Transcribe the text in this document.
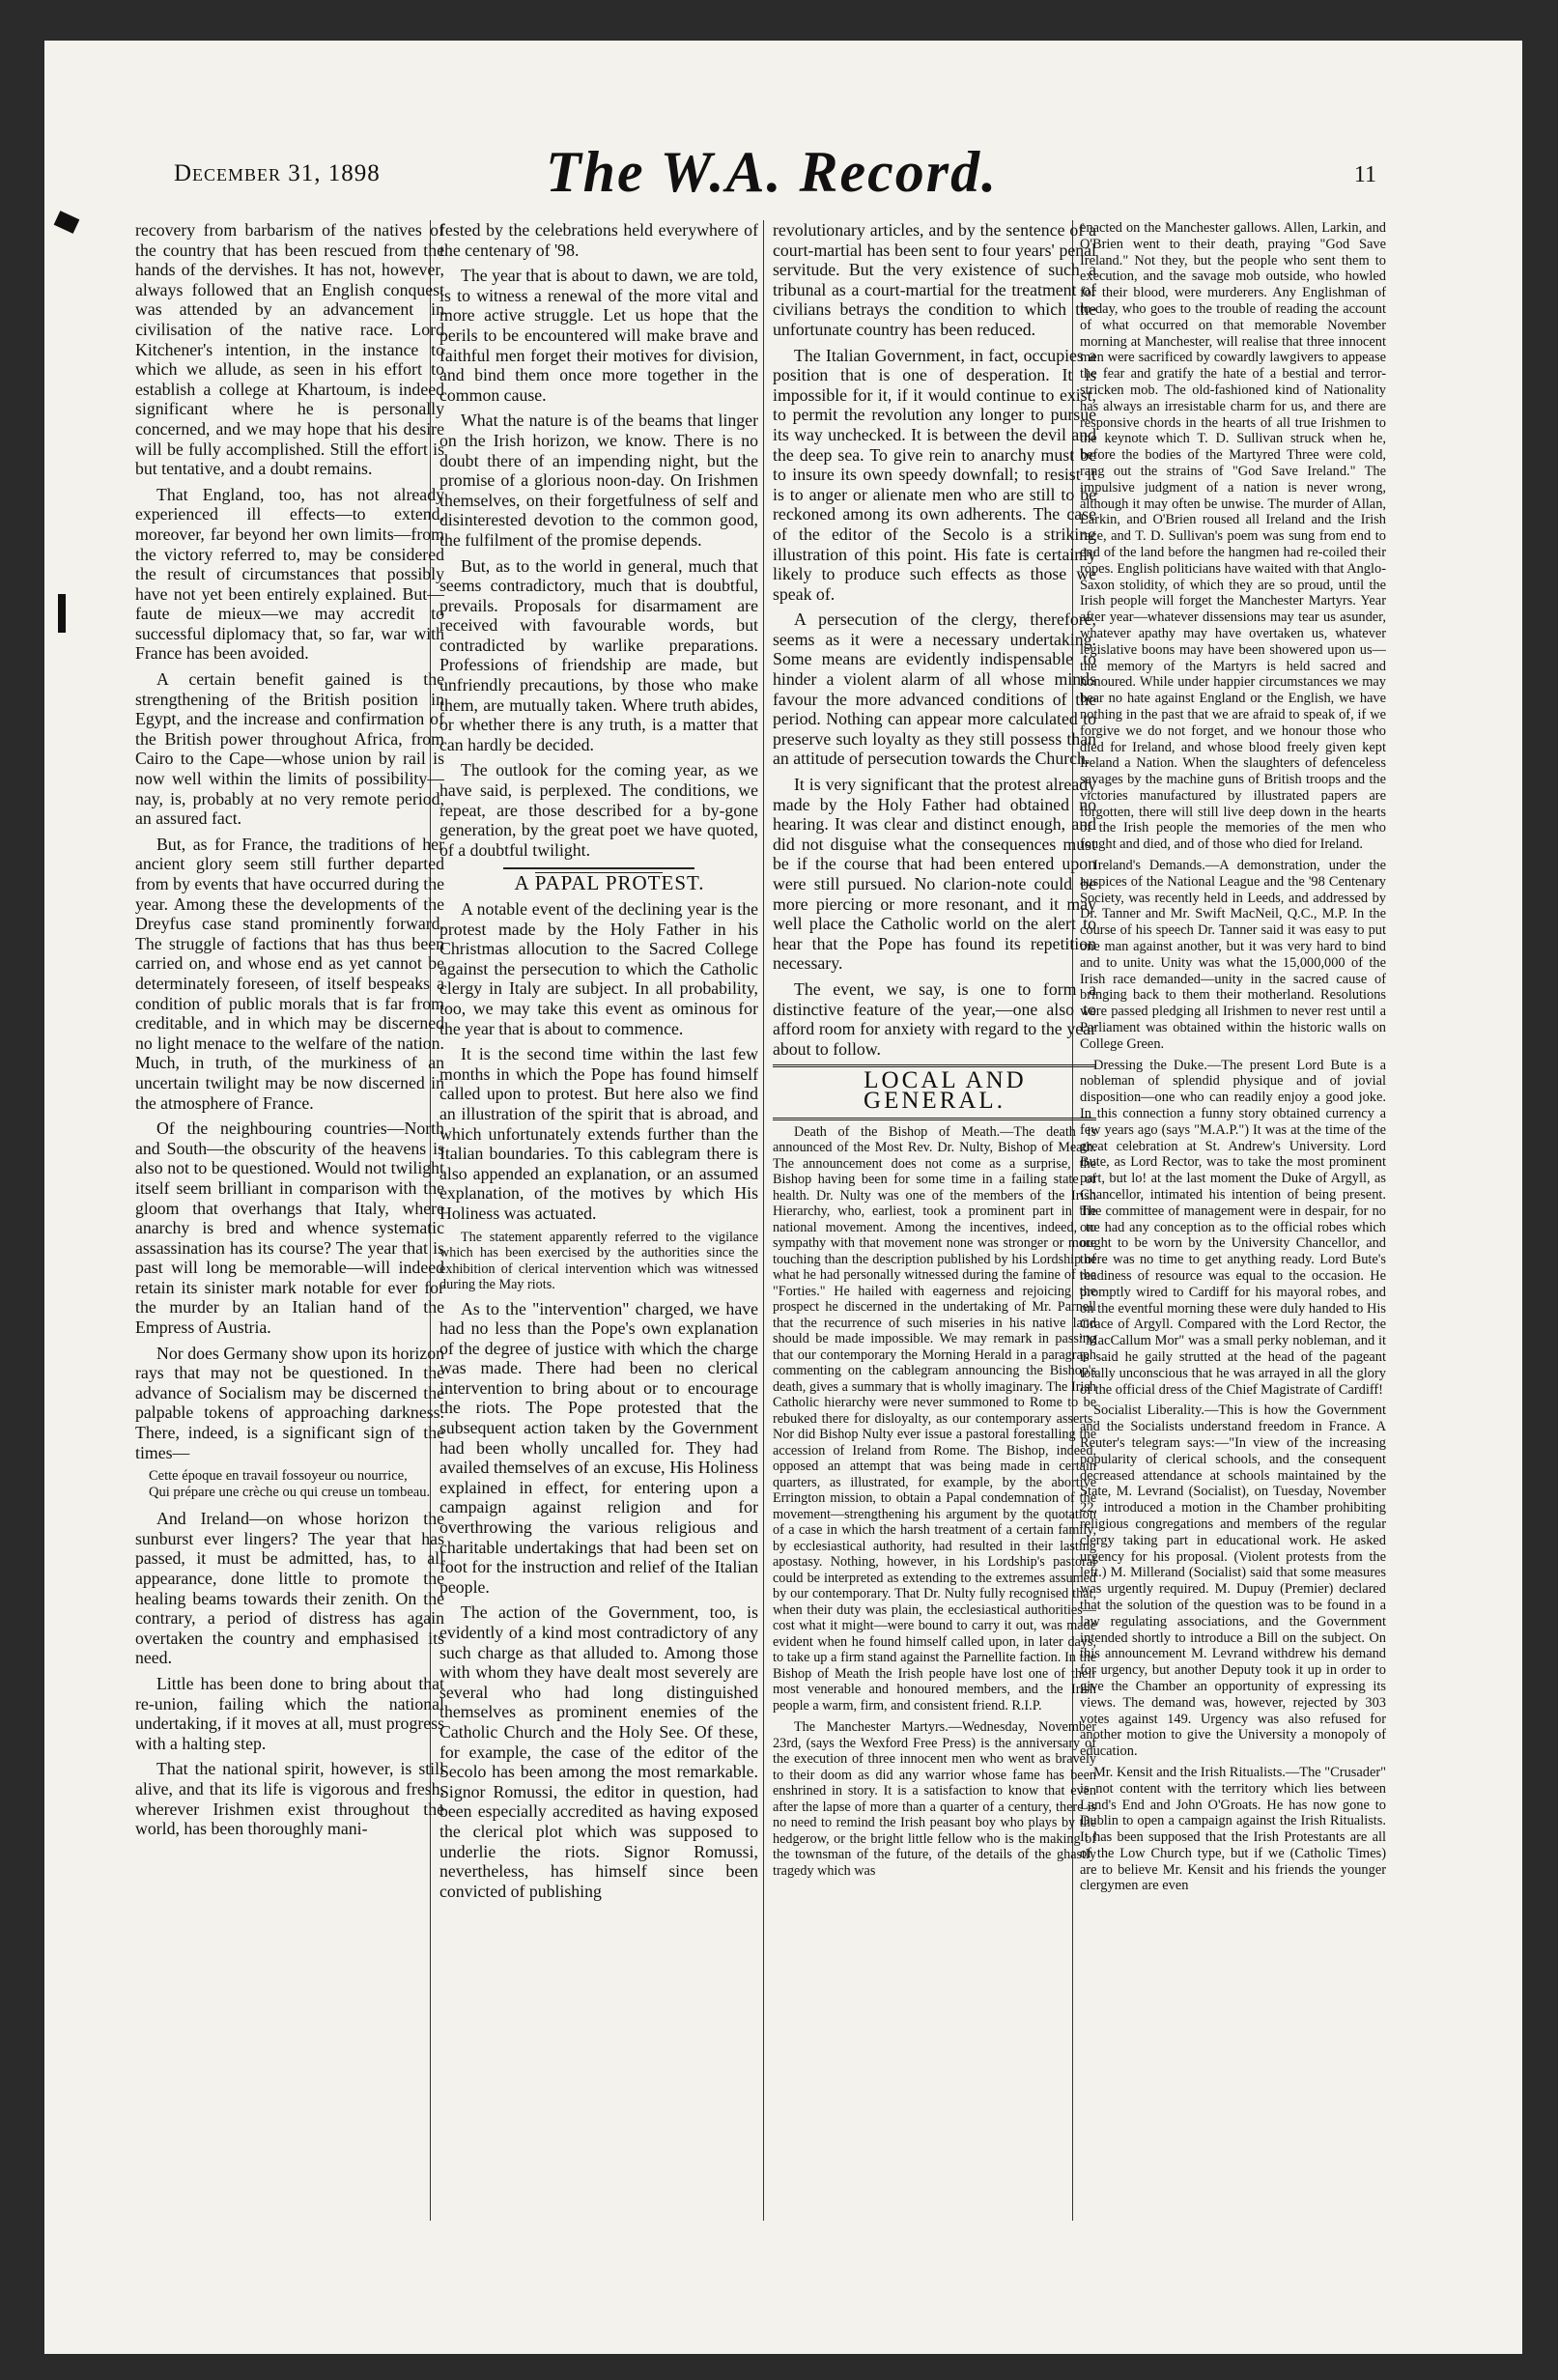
December 31, 1898	The W.A. Record.	11

recovery from barbarism of the natives of the country that has been rescued from the hands of the dervishes. It has not, however, always followed that an English conquest was attended by an advancement in civilisation of the native race. Lord Kitchener's intention, in the instance to which we allude, as seen in his effort to establish a college at Khartoum, is indeed significant where he is personally concerned, and we may hope that his desire will be fully accomplished. Still the effort is but tentative, and a doubt remains.

That England, too, has not already experienced ill effects—to extend, moreover, far beyond her own limits—from the victory referred to, may be considered the result of circumstances that possibly have not yet been entirely explained. But—faute de mieux—we may accredit to successful diplomacy that, so far, war with France has been avoided.

A certain benefit gained is the strengthening of the British position in Egypt, and the increase and confirmation of the British power throughout Africa, from Cairo to the Cape—whose union by rail is now well within the limits of possibility—nay, is, probably at no very remote period, an assured fact.

But, as for France, the traditions of her ancient glory seem still further departed from by events that have occurred during the year. Among these the developments of the Dreyfus case stand prominently forward. The struggle of factions that has thus been carried on, and whose end as yet cannot be determinately foreseen, of itself bespeaks a condition of public morals that is far from creditable, and in which may be discerned no light menace to the welfare of the nation. Much, in truth, of the murkiness of an uncertain twilight may be now discerned in the atmosphere of France.

Of the neighbouring countries—North and South—the obscurity of the heavens is also not to be questioned. Would not twilight itself seem brilliant in comparison with the gloom that overhangs that Italy, where anarchy is bred and whence systematic assassination has its course? The year that is past will long be memorable—will indeed retain its sinister mark notable for ever for the murder by an Italian hand of the Empress of Austria.

Nor does Germany show upon its horizon rays that may not be questioned. In the advance of Socialism may be discerned the palpable tokens of approaching darkness. There, indeed, is a significant sign of the times—

Cette époque en travail fossoyeur ou nourrice,

Qui prépare une crèche ou qui creuse un tombeau.

And Ireland—on whose horizon the sunburst ever lingers? The year that has passed, it must be admitted, has, to all appearance, done little to promote the healing beams towards their zenith. On the contrary, a period of distress has again overtaken the country and emphasised its need.

Little has been done to bring about that re-union, failing which the national undertaking, if it moves at all, must progress with a halting step.

That the national spirit, however, is still alive, and that its life is vigorous and fresh, wherever Irishmen exist throughout the world, has been thoroughly mani-

fested by the celebrations held everywhere of the centenary of '98.

The year that is about to dawn, we are told, is to witness a renewal of the more vital and more active struggle. Let us hope that the perils to be encountered will make brave and faithful men forget their motives for division, and bind them once more together in the common cause.

What the nature is of the beams that linger on the Irish horizon, we know. There is no doubt there of an impending night, but the promise of a glorious noon-day. On Irishmen themselves, on their forgetfulness of self and disinterested devotion to the common good, the fulfilment of the promise depends.

But, as to the world in general, much that seems contradictory, much that is doubtful, prevails. Proposals for disarmament are received with favourable words, but contradicted by warlike preparations. Professions of friendship are made, but unfriendly precautions, by those who make them, are mutually taken. Where truth abides, or whether there is any truth, is a matter that can hardly be decided.

The outlook for the coming year, as we have said, is perplexed. The conditions, we repeat, are those described for a by-gone generation, by the great poet we have quoted, of a doubtful twilight.

A PAPAL PROTEST.

A notable event of the declining year is the protest made by the Holy Father in his Christmas allocution to the Sacred College against the persecution to which the Catholic clergy in Italy are subject. In all probability, too, we may take this event as ominous for the year that is about to commence.

It is the second time within the last few months in which the Pope has found himself called upon to protest. But here also we find an illustration of the spirit that is abroad, and which unfortunately extends further than the Italian boundaries. To this cablegram there is also appended an explanation, or an assumed explanation, of the motives by which His Holiness was actuated.

The statement apparently referred to the vigilance which has been exercised by the authorities since the exhibition of clerical intervention which was witnessed during the May riots.

As to the "intervention" charged, we have had no less than the Pope's own explanation of the degree of justice with which the charge was made. There had been no clerical intervention to bring about or to encourage the riots. The Pope protested that the subsequent action taken by the Government had been wholly uncalled for. They had availed themselves of an excuse, His Holiness explained in effect, for entering upon a campaign against religion and for overthrowing the various religious and charitable undertakings that had been set on foot for the instruction and relief of the Italian people.

The action of the Government, too, is evidently of a kind most contradictory of any such charge as that alluded to. Among those with whom they have dealt most severely are several who had long distinguished themselves as prominent enemies of the Catholic Church and the Holy See. Of these, for example, the case of the editor of the Secolo has been among the most remarkable. Signor Romussi, the editor in question, had been especially accredited as having exposed the clerical plot which was supposed to underlie the riots. Signor Romussi, nevertheless, has himself since been convicted of publishing

revolutionary articles, and by the sentence of a court-martial has been sent to four years' penal servitude. But the very existence of such a tribunal as a court-martial for the treatment of civilians betrays the condition to which the unfortunate country has been reduced.

The Italian Government, in fact, occupies a position that is one of desperation. It is impossible for it, if it would continue to exist, to permit the revolution any longer to pursue its way unchecked. It is between the devil and the deep sea. To give rein to anarchy must be to insure its own speedy downfall; to resist it is to anger or alienate men who are still to be reckoned among its own adherents. The case of the editor of the Secolo is a striking illustration of this point. His fate is certainly likely to produce such effects as those we speak of.

A persecution of the clergy, therefore, seems as it were a necessary undertaking. Some means are evidently indispensable to hinder a violent alarm of all whose minds favour the more advanced conditions of the period. Nothing can appear more calculated to preserve such loyalty as they still possess than an attitude of persecution towards the Church.

It is very significant that the protest already made by the Holy Father had obtained no hearing. It was clear and distinct enough, and did not disguise what the consequences must be if the course that had been entered upon were still pursued. No clarion-note could be more piercing or more resonant, and it may well place the Catholic world on the alert to hear that the Pope has found its repetition necessary.

The event, we say, is one to form a distinctive feature of the year,—one also to afford room for anxiety with regard to the year about to follow.

LOCAL AND GENERAL.

Death of the Bishop of Meath.—The death is announced of the Most Rev. Dr. Nulty, Bishop of Meath. The announcement does not come as a surprise, the Bishop having been for some time in a failing state of health. Dr. Nulty was one of the members of the Irish Hierarchy, who, earliest, took a prominent part in the national movement. Among the incentives, indeed, to sympathy with that movement none was stronger or more touching than the description published by his Lordship of what he had personally witnessed during the famine of the "Forties." He hailed with eagerness and rejoicing the prospect he discerned in the undertaking of Mr. Parnell that the recurrence of such miseries in his native land should be made impossible. We may remark in passing that our contemporary the Morning Herald in a paragraph commenting on the cablegram announcing the Bishop's death, gives a summary that is wholly imaginary. The Irish Catholic hierarchy were never summoned to Rome to be rebuked there for disloyalty, as our contemporary asserts. Nor did Bishop Nulty ever issue a pastoral forestalling the accession of Ireland from Rome. The Bishop, indeed, opposed an attempt that was being made in certain quarters, as illustrated, for example, by the abortive Errington mission, to obtain a Papal condemnation of the movement—strengthening his argument by the quotation of a case in which the harsh treatment of a certain family, by ecclesiastical authority, had resulted in their lasting apostasy. Nothing, however, in his Lordship's pastoral could be interpreted as extending to the extremes assumed by our contemporary. That Dr. Nulty fully recognised that, when their duty was plain, the ecclesiastical authorities—cost what it might—were bound to carry it out, was made evident when he found himself called upon, in later days, to take up a firm stand against the Parnellite faction. In the Bishop of Meath the Irish people have lost one of their most venerable and honoured members, and the Irish people a warm, firm, and consistent friend. R.I.P.

The Manchester Martyrs.—Wednesday, November 23rd, (says the Wexford Free Press) is the anniversary of the execution of three innocent men who went as bravely to their doom as did any warrior whose fame has been enshrined in story. It is a satisfaction to know that even after the lapse of more than a quarter of a century, there is no need to remind the Irish peasant boy who plays by the hedgerow, or the bright little fellow who is the making of the townsman of the future, of the details of the ghastly tragedy which was

enacted on the Manchester gallows. Allen, Larkin, and O'Brien went to their death, praying "God Save Ireland." Not they, but the people who sent them to execution, and the savage mob outside, who howled for their blood, were murderers. Any Englishman of to-day, who goes to the trouble of reading the account of what occurred on that memorable November morning at Manchester, will realise that three innocent men were sacrificed by cowardly lawgivers to appease the fear and gratify the hate of a bestial and terror-stricken mob. The old-fashioned kind of Nationality has always an irresistable charm for us, and there are responsive chords in the hearts of all true Irishmen to the keynote which T. D. Sullivan struck when he, before the bodies of the Martyred Three were cold, rang out the strains of "God Save Ireland." The impulsive judgment of a nation is never wrong, although it may often be unwise. The murder of Allan, Larkin, and O'Brien roused all Ireland and the Irish race, and T. D. Sullivan's poem was sung from end to end of the land before the hangmen had re-coiled their ropes. English politicians have waited with that Anglo-Saxon stolidity, of which they are so proud, until the Irish people will forget the Manchester Martyrs. Year after year—whatever dissensions may tear us asunder, whatever apathy may have overtaken us, whatever legislative boons may have been showered upon us—the memory of the Martyrs is held sacred and honoured. While under happier circumstances we may bear no hate against England or the English, we have nothing in the past that we are afraid to speak of, if we forgive we do not forget, and we honour those who died for Ireland, and whose blood freely given kept Ireland a Nation. When the slaughters of defenceless savages by the machine guns of British troops and the victories manufactured by illustrated papers are forgotten, there will still live deep down in the hearts of the Irish people the memories of the men who fought and died, and of those who died for Ireland.

Ireland's Demands.—A demonstration, under the auspices of the National League and the '98 Centenary Society, was recently held in Leeds, and addressed by Dr. Tanner and Mr. Swift MacNeil, Q.C., M.P. In the course of his speech Dr. Tanner said it was easy to put one man against another, but it was very hard to bind and to unite. Unity was what the 15,000,000 of the Irish race demanded—unity in the sacred cause of bringing back to them their motherland. Resolutions were passed pledging all Irishmen to never rest until a Parliament was obtained within the historic walls on College Green.

Dressing the Duke.—The present Lord Bute is a nobleman of splendid physique and of jovial disposition—one who can readily enjoy a good joke. In this connection a funny story obtained currency a few years ago (says "M.A.P.") It was at the time of the great celebration at St. Andrew's University. Lord Bute, as Lord Rector, was to take the most prominent part, but lo! at the last moment the Duke of Argyll, as Chancellor, intimated his intention of being present. The committee of management were in despair, for no one had any conception as to the official robes which ought to be worn by the University Chancellor, and there was no time to get anything ready. Lord Bute's readiness of resource was equal to the occasion. He promptly wired to Cardiff for his mayoral robes, and on the eventful morning these were duly handed to His Grace of Argyll. Compared with the Lord Rector, the "MacCallum Mor" was a small perky nobleman, and it is said he gaily strutted at the head of the pageant totally unconscious that he was arrayed in all the glory of the official dress of the Chief Magistrate of Cardiff!

Socialist Liberality.—This is how the Government and the Socialists understand freedom in France. A Reuter's telegram says:—"In view of the increasing popularity of clerical schools, and the consequent decreased attendance at schools maintained by the State, M. Levrand (Socialist), on Tuesday, November 22, introduced a motion in the Chamber prohibiting religious congregations and members of the regular clergy taking part in educational work. He asked urgency for his proposal. (Violent protests from the left.) M. Millerand (Socialist) said that some measures was urgently required. M. Dupuy (Premier) declared that the solution of the question was to be found in a law regulating associations, and the Government intended shortly to introduce a Bill on the subject. On this announcement M. Levrand withdrew his demand for urgency, but another Deputy took it up in order to give the Chamber an opportunity of expressing its views. The demand was, however, rejected by 303 votes against 149. Urgency was also refused for another motion to give the University a monopoly of education.

Mr. Kensit and the Irish Ritualists.—The "Crusader" is not content with the territory which lies between Land's End and John O'Groats. He has now gone to Dublin to open a campaign against the Irish Ritualists. It has been supposed that the Irish Protestants are all of the Low Church type, but if we (Catholic Times) are to believe Mr. Kensit and his friends the younger clergymen are even
